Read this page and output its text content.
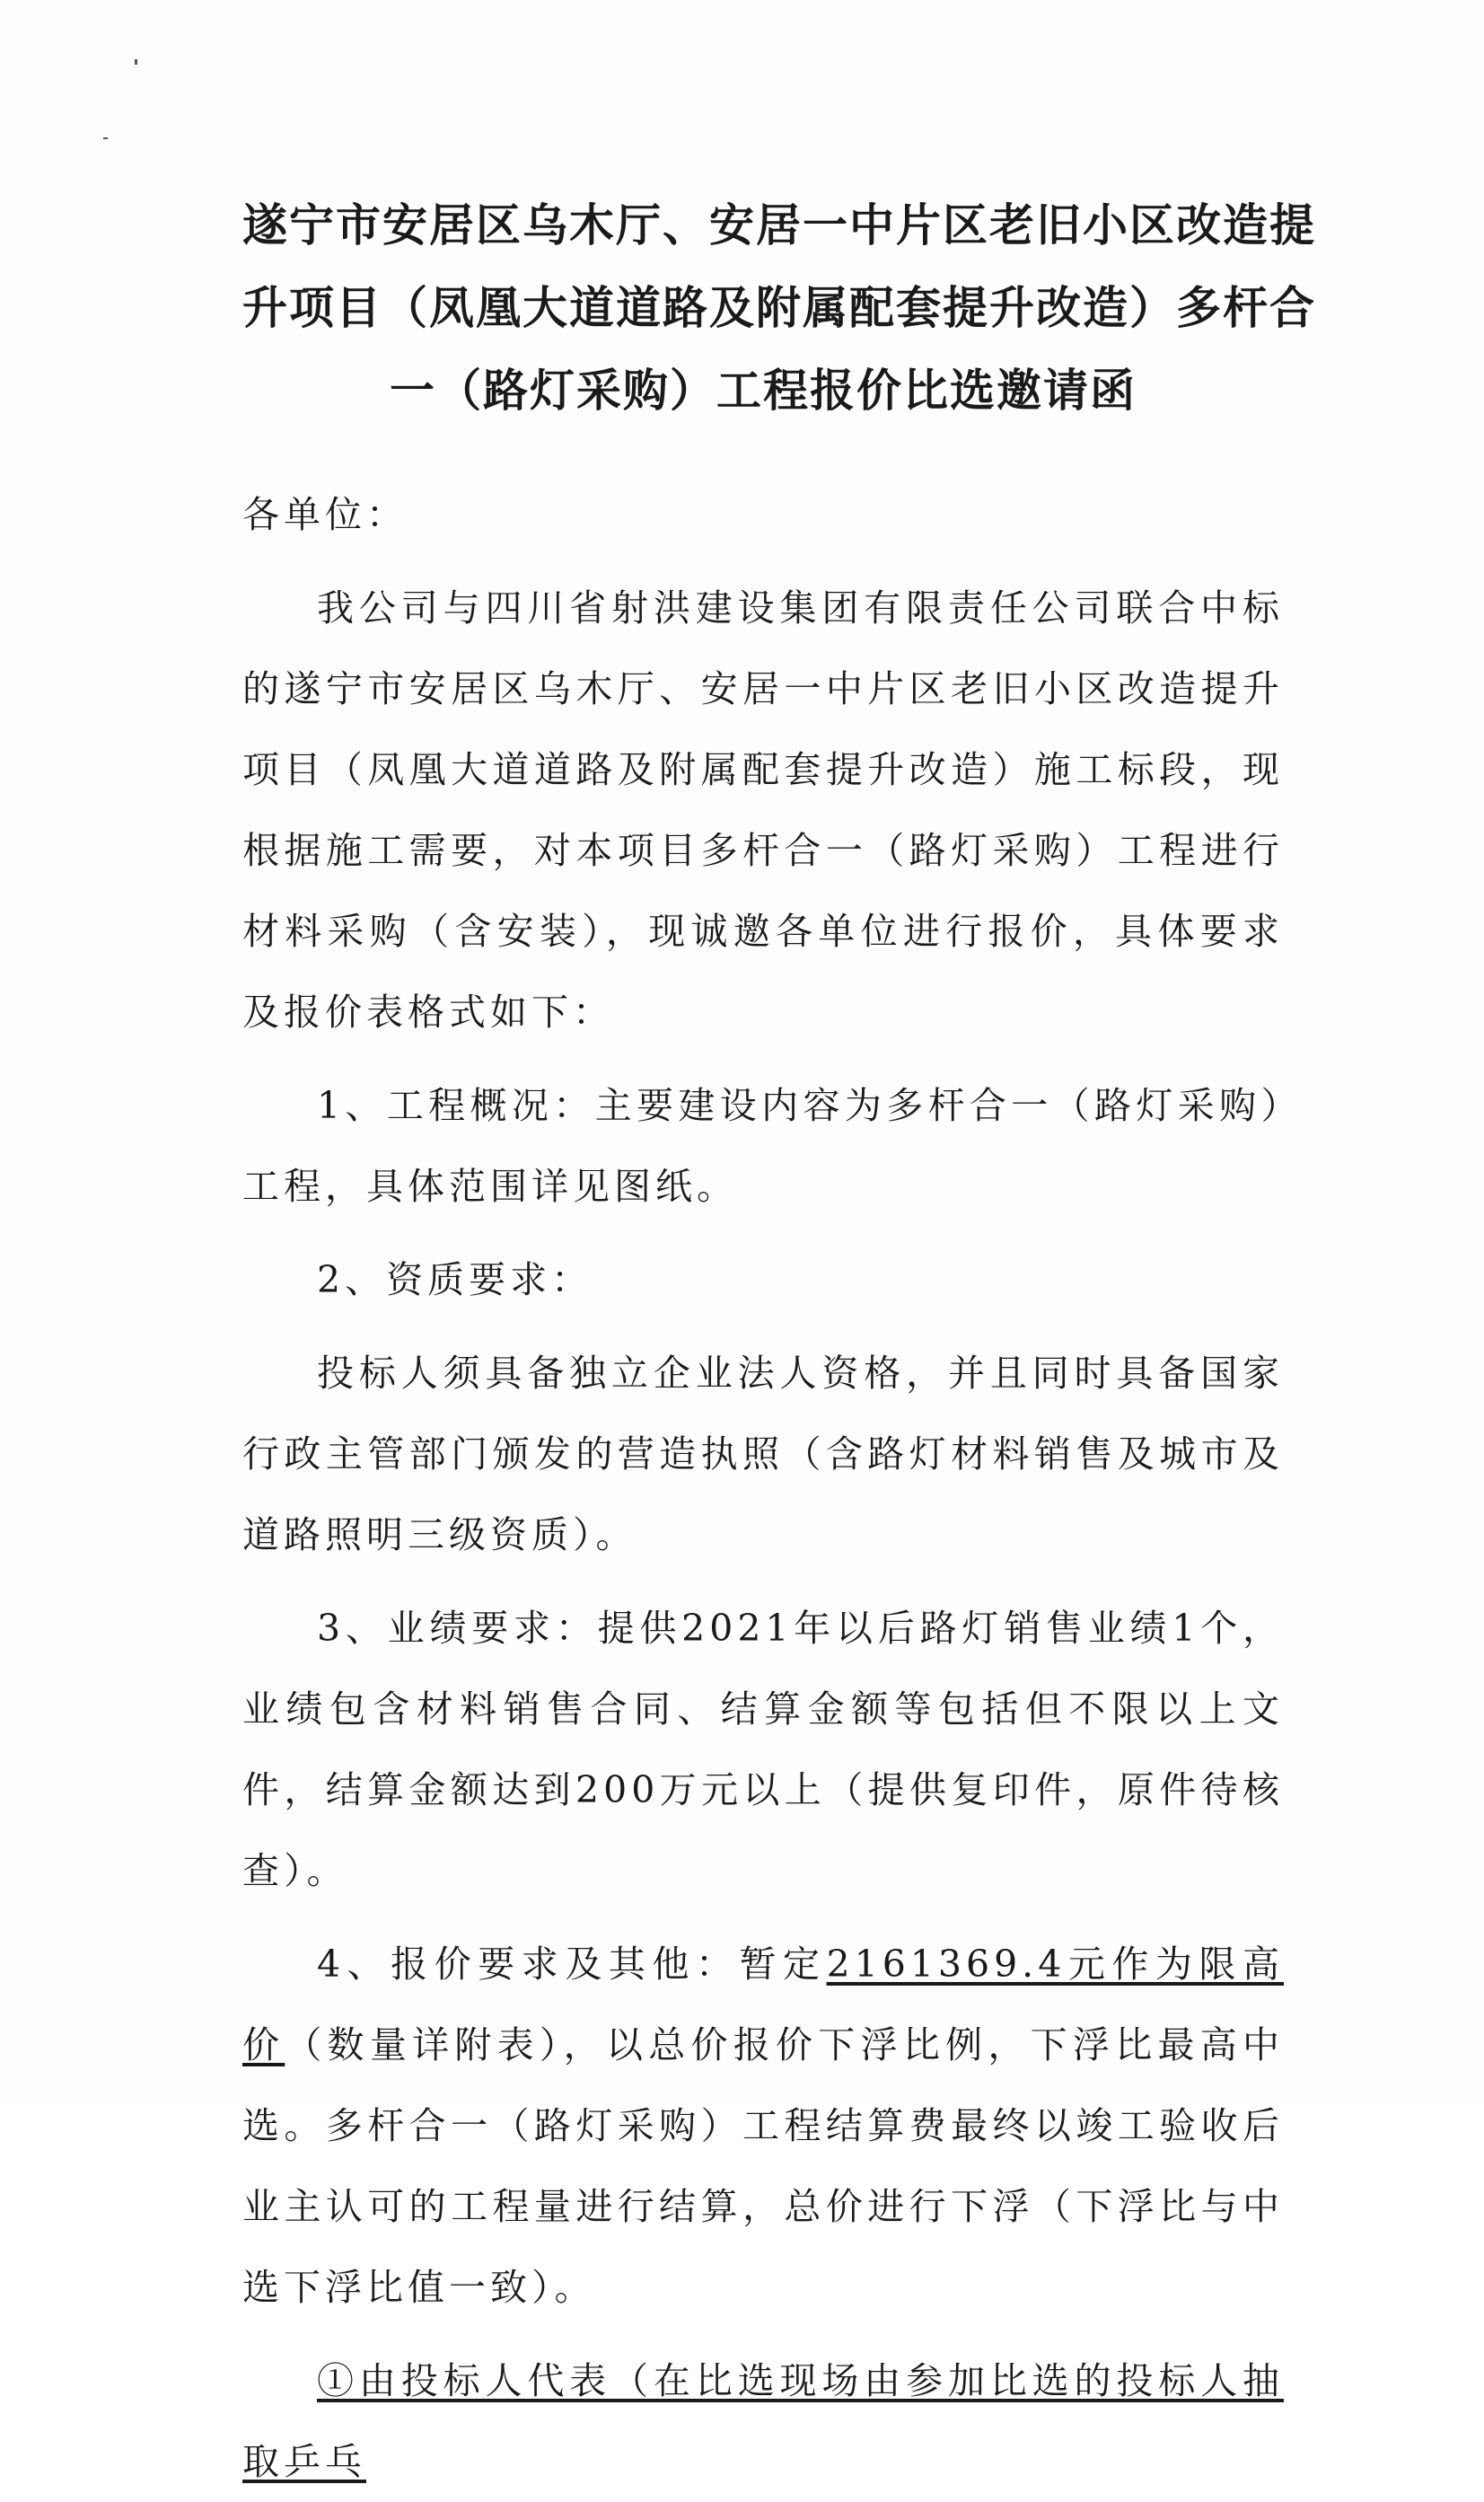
遂宁市安居区乌木厅、安居一中片区老旧小区改造提
升项目（凤凰大道道路及附属配套提升改造）多杆合
一（路灯采购）工程报价比选邀请函

各单位：

我公司与四川省射洪建设集团有限责任公司联合中标的遂宁市安居区乌木厅、安居一中片区老旧小区改造提升项目（凤凰大道道路及附属配套提升改造）施工标段，现根据施工需要，对本项目多杆合一（路灯采购）工程进行材料采购（含安装），现诚邀各单位进行报价，具体要求及报价表格式如下：

1、工程概况：主要建设内容为多杆合一（路灯采购）工程，具体范围详见图纸。

2、资质要求：

投标人须具备独立企业法人资格，并且同时具备国家行政主管部门颁发的营造执照（含路灯材料销售及城市及道路照明三级资质）。

3、业绩要求：提供2021年以后路灯销售业绩1个，业绩包含材料销售合同、结算金额等包括但不限以上文件，结算金额达到200万元以上（提供复印件，原件待核查）。

4、报价要求及其他：暂定2161369.4元作为限高价（数量详附表），以总价报价下浮比例，下浮比最高中选。多杆合一（路灯采购）工程结算费最终以竣工验收后业主认可的工程量进行结算，总价进行下浮（下浮比与中选下浮比值一致）。

①由投标人代表（在比选现场由参加比选的投标人抽取乒乓
